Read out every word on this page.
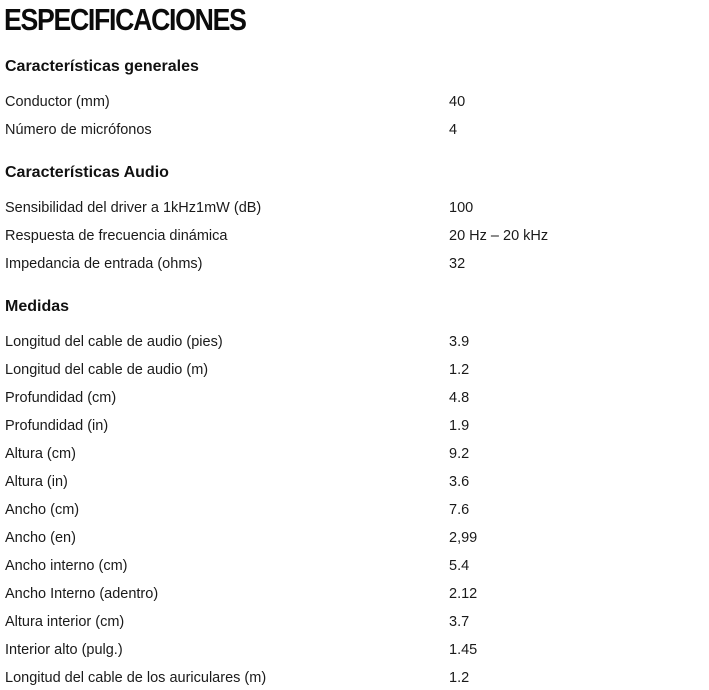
ESPECIFICACIONES
Características generales
Conductor (mm)	40
Número de micrófonos	4
Características Audio
Sensibilidad del driver a 1kHz1mW (dB)	100
Respuesta de frecuencia dinámica	20 Hz – 20 kHz
Impedancia de entrada (ohms)	32
Medidas
Longitud del cable de audio (pies)	3.9
Longitud del cable de audio (m)	1.2
Profundidad (cm)	4.8
Profundidad (in)	1.9
Altura (cm)	9.2
Altura (in)	3.6
Ancho (cm)	7.6
Ancho (en)	2,99
Ancho interno (cm)	5.4
Ancho Interno (adentro)	2.12
Altura interior (cm)	3.7
Interior alto (pulg.)	1.45
Longitud del cable de los auriculares (m)	1.2
